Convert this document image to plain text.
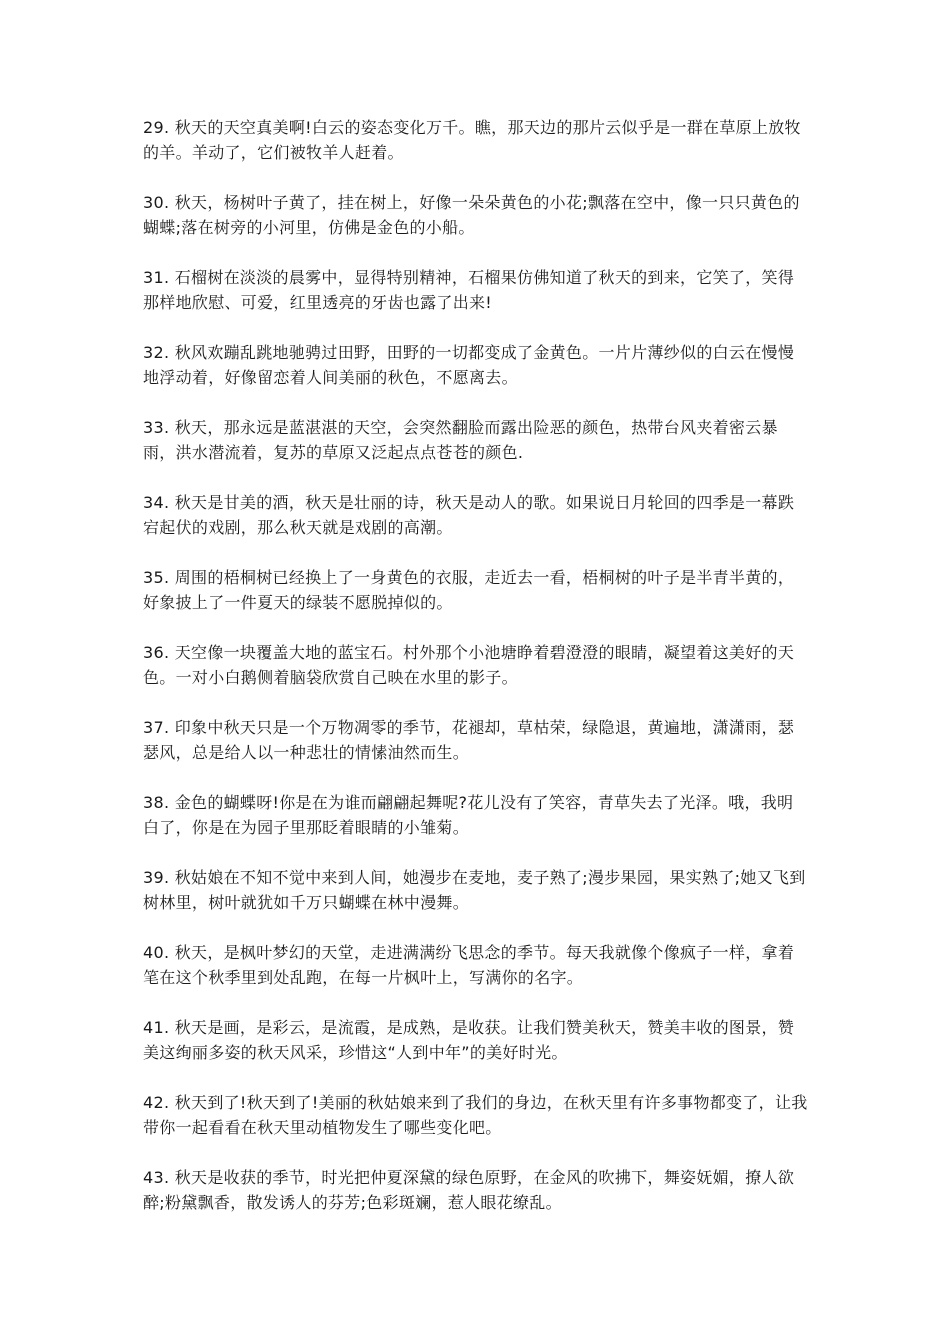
29. 秋天的天空真美啊!白云的姿态变化万千。瞧，那天边的那片云似乎是一群在草原上放牧的羊。羊动了，它们被牧羊人赶着。

30. 秋天，杨树叶子黄了，挂在树上，好像一朵朵黄色的小花;飘落在空中，像一只只黄色的蝴蝶;落在树旁的小河里，仿佛是金色的小船。

31. 石榴树在淡淡的晨雾中，显得特别精神，石榴果仿佛知道了秋天的到来，它笑了，笑得那样地欣慰、可爱，红里透亮的牙齿也露了出来!

32. 秋风欢蹦乱跳地驰骋过田野，田野的一切都变成了金黄色。一片片薄纱似的白云在慢慢地浮动着，好像留恋着人间美丽的秋色，不愿离去。

33. 秋天，那永远是蓝湛湛的天空，会突然翻脸而露出险恶的颜色，热带台风夹着密云暴雨，洪水潜流着，复苏的草原又泛起点点苍苍的颜色.

34. 秋天是甘美的酒，秋天是壮丽的诗，秋天是动人的歌。如果说日月轮回的四季是一幕跌宕起伏的戏剧，那么秋天就是戏剧的高潮。

35. 周围的梧桐树已经换上了一身黄色的衣服，走近去一看，梧桐树的叶子是半青半黄的，好象披上了一件夏天的绿装不愿脱掉似的。

36. 天空像一块覆盖大地的蓝宝石。村外那个小池塘睁着碧澄澄的眼睛，凝望着这美好的天色。一对小白鹅侧着脑袋欣赏自己映在水里的影子。

37. 印象中秋天只是一个万物凋零的季节，花褪却，草枯荣，绿隐退，黄遍地，潇潇雨，瑟瑟风，总是给人以一种悲壮的情愫油然而生。

38. 金色的蝴蝶呀!你是在为谁而翩翩起舞呢?花儿没有了笑容，青草失去了光泽。哦，我明白了，你是在为园子里那眨着眼睛的小雏菊。

39. 秋姑娘在不知不觉中来到人间，她漫步在麦地，麦子熟了;漫步果园，果实熟了;她又飞到树林里，树叶就犹如千万只蝴蝶在林中漫舞。

40. 秋天，是枫叶梦幻的天堂，走进满满纷飞思念的季节。每天我就像个像疯子一样，拿着笔在这个秋季里到处乱跑，在每一片枫叶上，写满你的名字。

41. 秋天是画，是彩云，是流霞，是成熟，是收获。让我们赞美秋天，赞美丰收的图景，赞美这绚丽多姿的秋天风采，珍惜这“人到中年”的美好时光。

42. 秋天到了!秋天到了!美丽的秋姑娘来到了我们的身边，在秋天里有许多事物都变了，让我带你一起看看在秋天里动植物发生了哪些变化吧。

43. 秋天是收获的季节，时光把仲夏深黛的绿色原野，在金风的吹拂下，舞姿妩媚，撩人欲醉;粉黛飘香，散发诱人的芬芳;色彩斑斓，惹人眼花缭乱。
